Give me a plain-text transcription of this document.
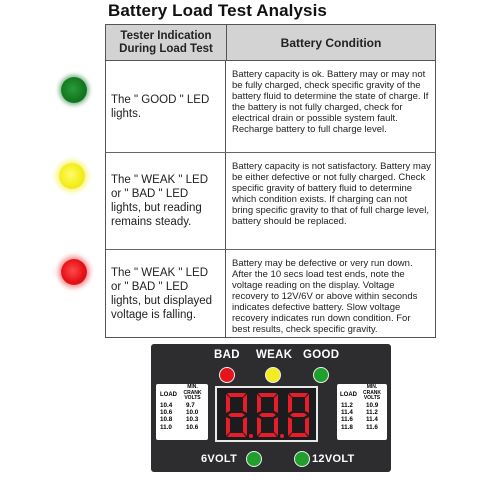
Battery Load Test Analysis
Tester Indication
During Load Test	Battery Condition
The " GOOD " LED lights.
Battery capacity is ok. Battery may or may not be fully charged, check specific gravity of the battery fluid to determine the state of charge. If the battery is not fully charged, check for electrical drain or possible system fault. Recharge battery to full charge level.
The " WEAK " LED or " BAD " LED lights, but reading remains steady.
Battery capacity is not satisfactory. Battery may be either defective or not fully charged. Check specific gravity of battery fluid to determine which condition exists. If charging can not bring specific gravity to that of full charge level, battery should be replaced.
The " WEAK " LED or " BAD " LED lights, but displayed voltage is falling.
Battery may be defective or very run down. After the 10 secs load test ends, note the voltage reading on the display. Voltage recovery to 12V/6V or above within seconds indicates defective battery. Slow voltage recovery indicates run down condition. For best results, check specific gravity.
BAD WEAK GOOD
LOAD
MIN. CRANK VOLTS
10.4
10.6
10.8
11.0
9.7
10.0
10.3
10.6
LOAD
MIN. CRANK VOLTS
11.2
11.4
11.6
11.8
10.9
11.2
11.4
11.6
6VOLT	12VOLT
